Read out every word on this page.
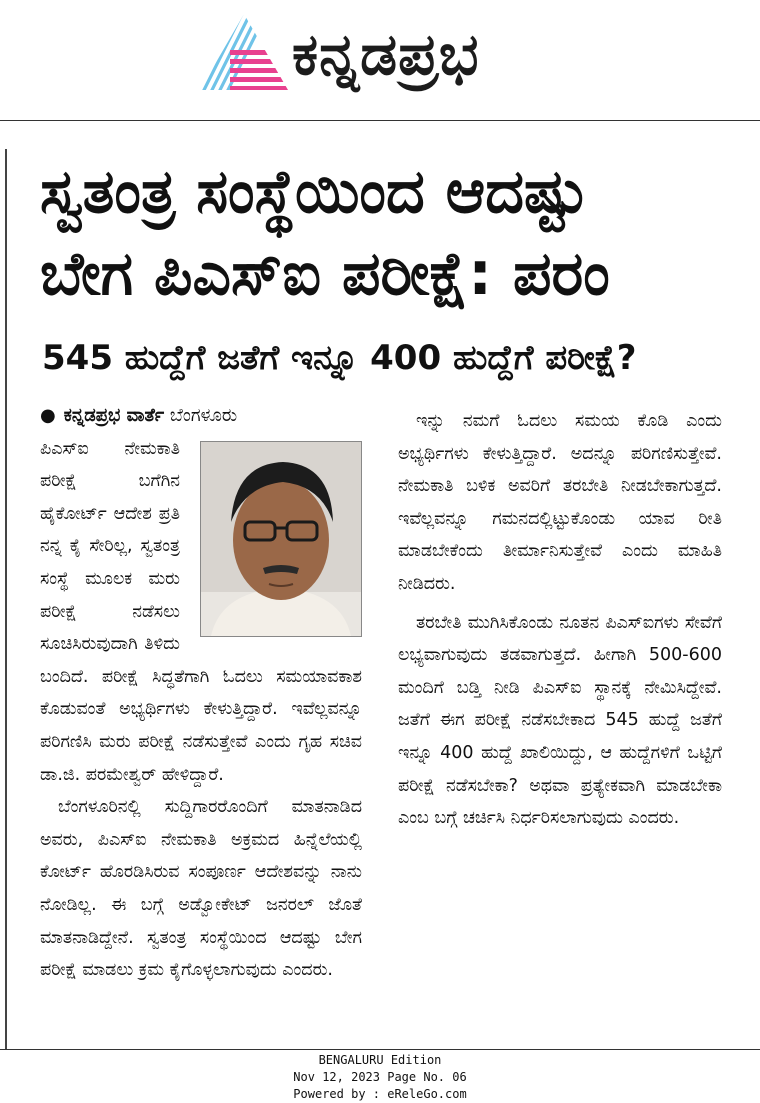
ಕನ್ನಡಪ್ರಭ
ಸ್ವತಂತ್ರ ಸಂಸ್ಥೆಯಿಂದ ಆದಷ್ಟು
ಬೇಗ ಪಿಎಸ್‌ಐ ಪರೀಕ್ಷೆ: ಪರಂ
545 ಹುದ್ದೆಗೆ ಜತೆಗೆ ಇನ್ನೂ 400 ಹುದ್ದೆಗೆ ಪರೀಕ್ಷೆ?
● ಕನ್ನಡಪ್ರಭ ವಾರ್ತೆ ಬೆಂಗಳೂರು

ಪಿಎಸ್‌ಐ ನೇಮಕಾತಿ ಪರೀಕ್ಷೆ ಬಗೆಗಿನ ಹೈಕೋರ್ಟ್ ಆದೇಶ ಪ್ರತಿ ನನ್ನ ಕೈ ಸೇರಿಲ್ಲ, ಸ್ವತಂತ್ರ ಸಂಸ್ಥೆ ಮೂಲಕ ಮರು ಪರೀಕ್ಷೆ ನಡೆಸಲು ಸೂಚಿಸಿರುವುದಾಗಿ ತಿಳಿದು ಬಂದಿದೆ. ಪರೀಕ್ಷೆ ಸಿದ್ಧತೆಗಾಗಿ ಓದಲು ಸಮಯಾವಕಾಶ ಕೊಡುವಂತೆ ಅಭ್ಯರ್ಥಿಗಳು ಕೇಳುತ್ತಿದ್ದಾರೆ. ಇವೆಲ್ಲವನ್ನೂ ಪರಿಗಣಿಸಿ ಮರು ಪರೀಕ್ಷೆ ನಡೆಸುತ್ತೇವೆ ಎಂದು ಗೃಹ ಸಚಿವ ಡಾ.ಜಿ. ಪರಮೇಶ್ವರ್ ಹೇಳಿದ್ದಾರೆ.

ಬೆಂಗಳೂರಿನಲ್ಲಿ ಸುದ್ದಿಗಾರರೊಂದಿಗೆ ಮಾತನಾಡಿದ ಅವರು, ಪಿಎಸ್‌ಐ ನೇಮಕಾತಿ ಅಕ್ರಮದ ಹಿನ್ನೆಲೆಯಲ್ಲಿ ಕೋರ್ಟ್ ಹೊರಡಿಸಿರುವ ಸಂಪೂರ್ಣ ಆದೇಶವನ್ನು ನಾನು ನೋಡಿಲ್ಲ. ಈ ಬಗ್ಗೆ ಅಡ್ವೋಕೇಟ್ ಜನರಲ್ ಜೊತೆ ಮಾತನಾಡಿದ್ದೇನೆ. ಸ್ವತಂತ್ರ ಸಂಸ್ಥೆಯಿಂದ ಆದಷ್ಟು ಬೇಗ ಪರೀಕ್ಷೆ ಮಾಡಲು ಕ್ರಮ ಕೈಗೊಳ್ಳಲಾಗುವುದು ಎಂದರು.

ಇನ್ನು ನಮಗೆ ಓದಲು ಸಮಯ ಕೊಡಿ ಎಂದು ಅಭ್ಯರ್ಥಿಗಳು ಕೇಳುತ್ತಿದ್ದಾರೆ. ಅದನ್ನೂ ಪರಿಗಣಿಸುತ್ತೇವೆ. ನೇಮಕಾತಿ ಬಳಿಕ ಅವರಿಗೆ ತರಬೇತಿ ನೀಡಬೇಕಾಗುತ್ತದೆ. ಇವೆಲ್ಲವನ್ನೂ ಗಮನದಲ್ಲಿಟ್ಟುಕೊಂಡು ಯಾವ ರೀತಿ ಮಾಡಬೇಕೆಂದು ತೀರ್ಮಾನಿಸುತ್ತೇವೆ ಎಂದು ಮಾಹಿತಿ ನೀಡಿದರು.

ತರಬೇತಿ ಮುಗಿಸಿಕೊಂಡು ನೂತನ ಪಿಎಸ್‌ಐಗಳು ಸೇವೆಗೆ ಲಭ್ಯವಾಗುವುದು ತಡವಾಗುತ್ತದೆ. ಹೀಗಾಗಿ 500-600 ಮಂದಿಗೆ ಬಡ್ತಿ ನೀಡಿ ಪಿಎಸ್‌ಐ ಸ್ಥಾನಕ್ಕೆ ನೇಮಿಸಿದ್ದೇವೆ. ಜತೆಗೆ ಈಗ ಪರೀಕ್ಷೆ ನಡೆಸಬೇಕಾದ 545 ಹುದ್ದೆ ಜತೆಗೆ ಇನ್ನೂ 400 ಹುದ್ದೆ ಖಾಲಿಯಿದ್ದು, ಆ ಹುದ್ದೆಗಳಿಗೆ ಒಟ್ಟಿಗೆ ಪರೀಕ್ಷೆ ನಡೆಸಬೇಕಾ? ಅಥವಾ ಪ್ರತ್ಯೇಕವಾಗಿ ಮಾಡಬೇಕಾ ಎಂಬ ಬಗ್ಗೆ ಚರ್ಚಿಸಿ ನಿರ್ಧರಿಸಲಾಗುವುದು ಎಂದರು.

BENGALURU Edition
Nov 12, 2023 Page No. 06
Powered by : eReleGo.com
